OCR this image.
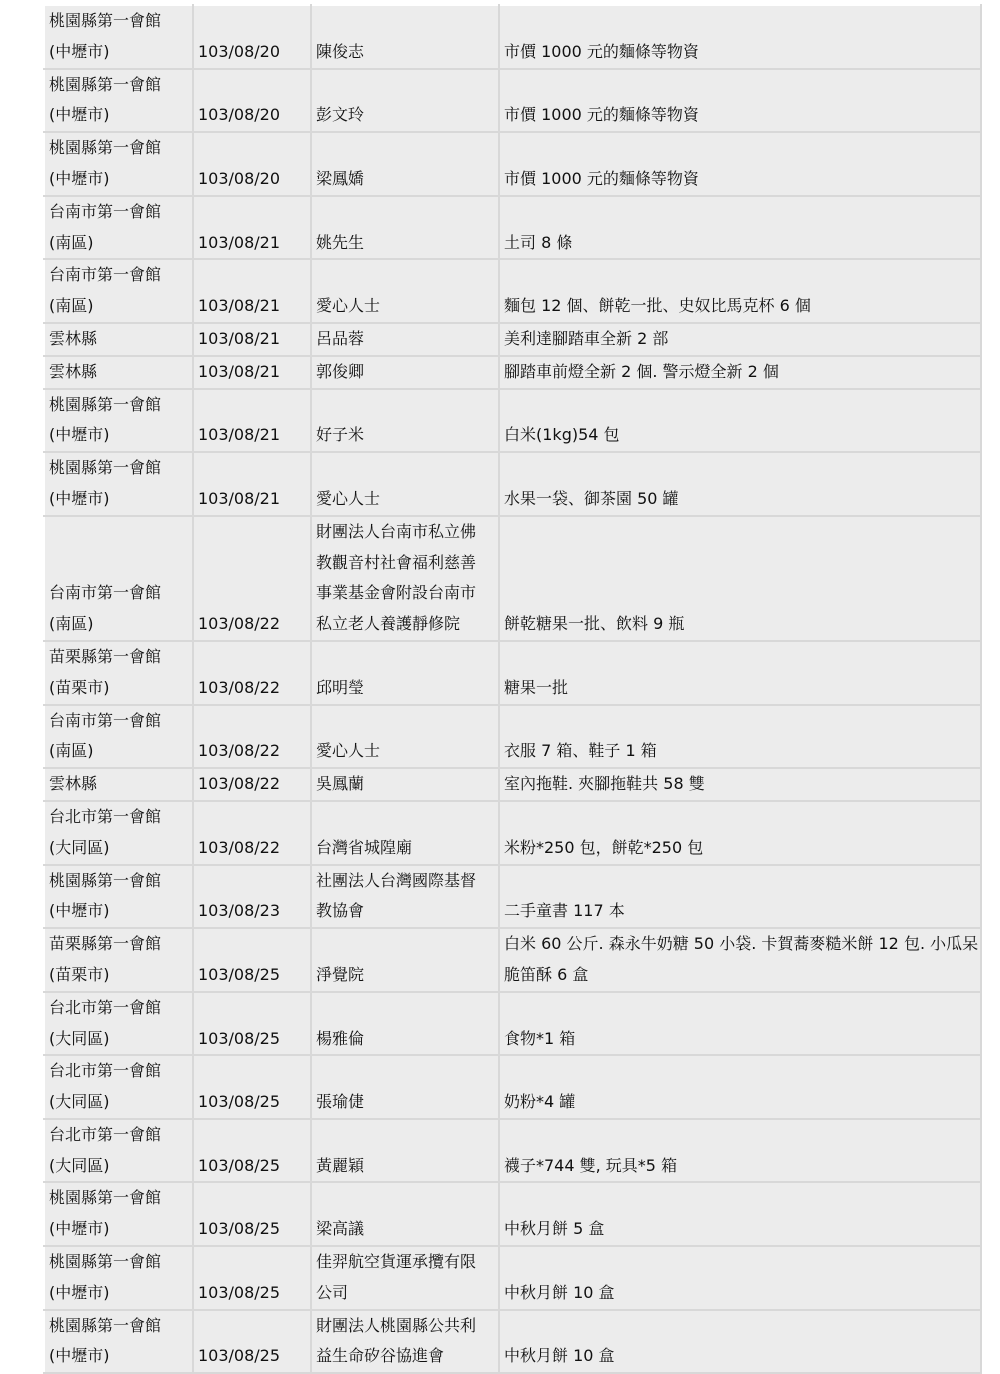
桃園縣第一會館
(中壢市)	103/08/20	陳俊志	市價 1000 元的麵條等物資

桃園縣第一會館
(中壢市)	103/08/20	彭文玲	市價 1000 元的麵條等物資

桃園縣第一會館
(中壢市)	103/08/20	梁鳳嬌	市價 1000 元的麵條等物資

台南市第一會館
(南區)	103/08/21	姚先生	土司 8 條

台南市第一會館
(南區)	103/08/21	愛心人士	麵包 12 個、餅乾一批、史奴比馬克杯 6 個

雲林縣	103/08/21	呂品蓉	美利達腳踏車全新 2 部

雲林縣	103/08/21	郭俊卿	腳踏車前燈全新 2 個. 警示燈全新 2 個

桃園縣第一會館
(中壢市)	103/08/21	好子米	白米(1kg)54 包

桃園縣第一會館
(中壢市)	103/08/21	愛心人士	水果一袋、御茶園 50 罐

台南市第一會館
(南區)	103/08/22	財團法人台南市私立佛
教觀音村社會福利慈善
事業基金會附設台南市
私立老人養護靜修院	餅乾糖果一批、飲料 9 瓶

苗栗縣第一會館
(苗栗市)	103/08/22	邱明瑩	糖果一批

台南市第一會館
(南區)	103/08/22	愛心人士	衣服 7 箱、鞋子 1 箱

雲林縣	103/08/22	吳鳳蘭	室內拖鞋. 夾腳拖鞋共 58 雙

台北市第一會館
(大同區)	103/08/22	台灣省城隍廟	米粉*250 包，餅乾*250 包

桃園縣第一會館
(中壢市)	103/08/23	社團法人台灣國際基督
教協會	二手童書 117 本

苗栗縣第一會館
(苗栗市)	103/08/25	淨覺院	白米 60 公斤. 森永牛奶糖 50 小袋. 卡賀蕎麥糙米餅 12 包. 小瓜呆
脆笛酥 6 盒

台北市第一會館
(大同區)	103/08/25	楊雅倫	食物*1 箱

台北市第一會館
(大同區)	103/08/25	張瑜倢	奶粉*4 罐

台北市第一會館
(大同區)	103/08/25	黃麗穎	襪子*744 雙, 玩具*5 箱

桃園縣第一會館
(中壢市)	103/08/25	梁高議	中秋月餅 5 盒

桃園縣第一會館
(中壢市)	103/08/25	佳羿航空貨運承攬有限
公司	中秋月餅 10 盒

桃園縣第一會館
(中壢市)	103/08/25	財團法人桃園縣公共利
益生命矽谷協進會	中秋月餅 10 盒
